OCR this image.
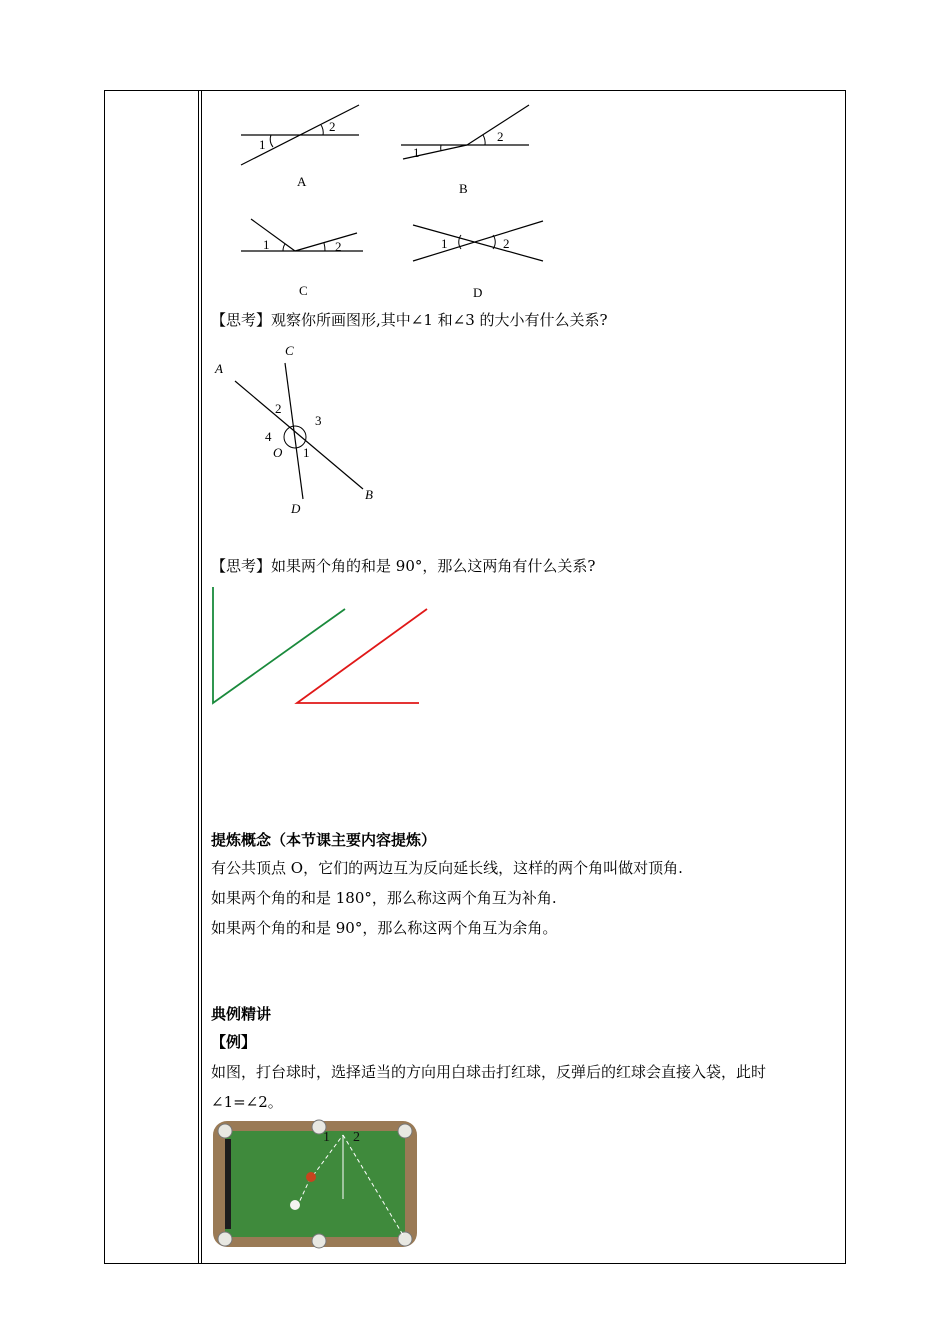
1
2
A
1
2
B
1	2
C
1	2
D
【思考】观察你所画图形,其中∠1 和∠3 的大小有什么关系?
A
B
C
D
O 1
2
3
4
【思考】如果两个角的和是 90°，那么这两角有什么关系?
提炼概念（本节课主要内容提炼）
有公共顶点 O，它们的两边互为反向延长线，这样的两个角叫做对顶角.
如果两个角的和是 180°，那么称这两个角互为补角.
如果两个角的和是 90°，那么称这两个角互为余角。
典例精讲
【例】
如图，打台球时，选择适当的方向用白球击打红球，反弹后的红球会直接入袋，此时
∠1=∠2。
1 2
